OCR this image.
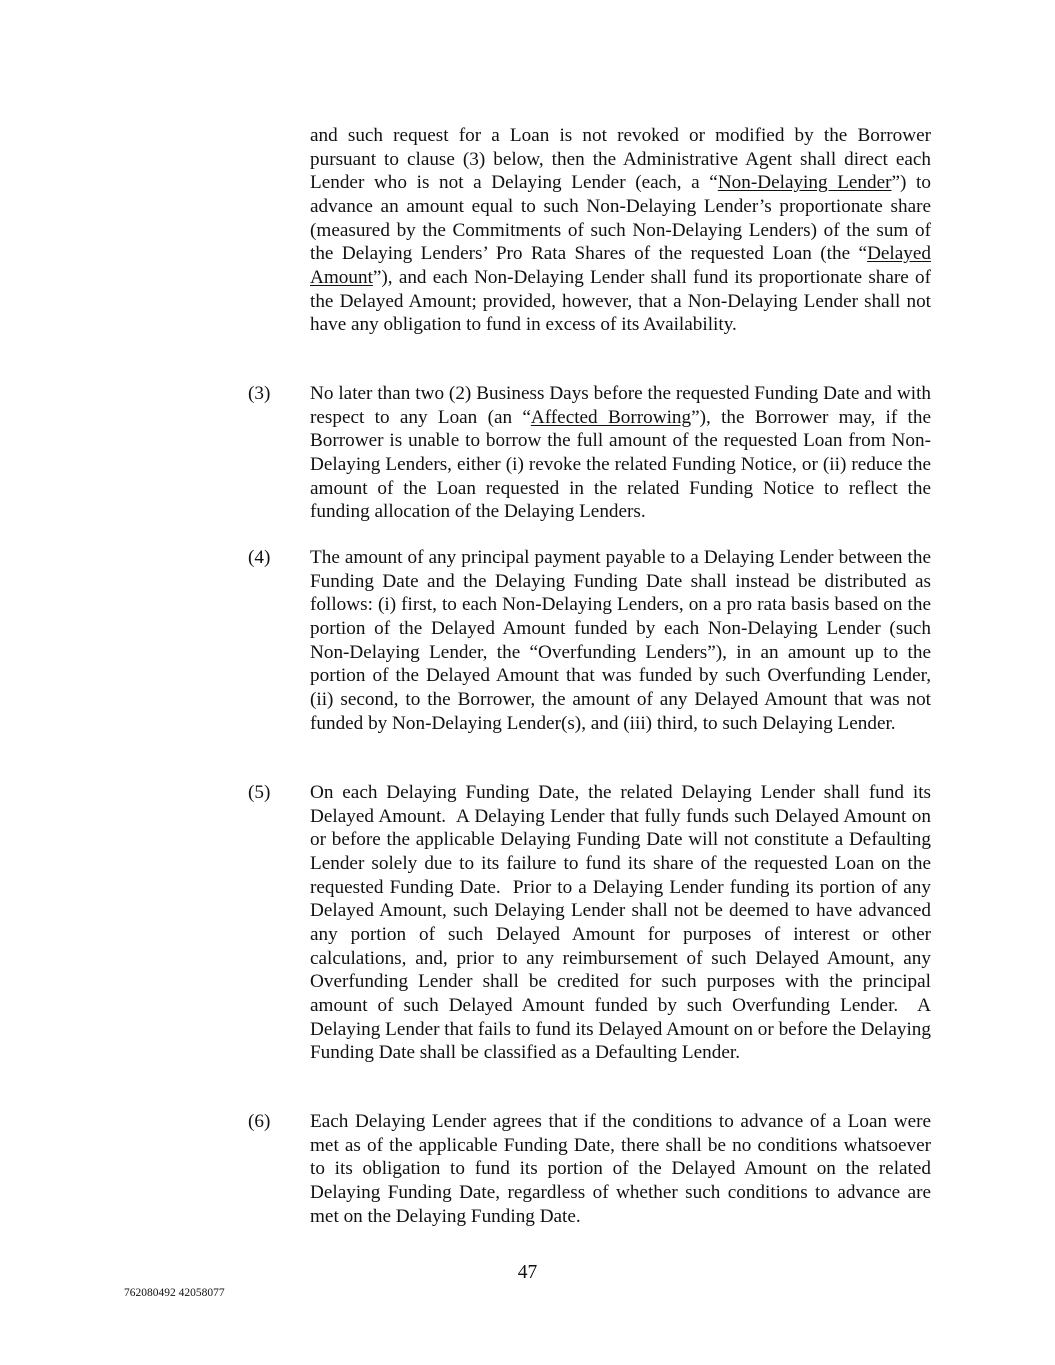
and such request for a Loan is not revoked or modified by the Borrower pursuant to clause (3) below, then the Administrative Agent shall direct each Lender who is not a Delaying Lender (each, a “Non-Delaying Lender”) to advance an amount equal to such Non-Delaying Lender’s proportionate share (measured by the Commitments of such Non-Delaying Lenders) of the sum of the Delaying Lenders’ Pro Rata Shares of the requested Loan (the “Delayed Amount”), and each Non-Delaying Lender shall fund its proportionate share of the Delayed Amount; provided, however, that a Non-Delaying Lender shall not have any obligation to fund in excess of its Availability.

(3) No later than two (2) Business Days before the requested Funding Date and with respect to any Loan (an “Affected Borrowing”), the Borrower may, if the Borrower is unable to borrow the full amount of the requested Loan from Non-Delaying Lenders, either (i) revoke the related Funding Notice, or (ii) reduce the amount of the Loan requested in the related Funding Notice to reflect the funding allocation of the Delaying Lenders.

(4) The amount of any principal payment payable to a Delaying Lender between the Funding Date and the Delaying Funding Date shall instead be distributed as follows: (i) first, to each Non-Delaying Lenders, on a pro rata basis based on the portion of the Delayed Amount funded by each Non-Delaying Lender (such Non-Delaying Lender, the “Overfunding Lenders”), in an amount up to the portion of the Delayed Amount that was funded by such Overfunding Lender, (ii) second, to the Borrower, the amount of any Delayed Amount that was not funded by Non-Delaying Lender(s), and (iii) third, to such Delaying Lender.

(5) On each Delaying Funding Date, the related Delaying Lender shall fund its Delayed Amount.  A Delaying Lender that fully funds such Delayed Amount on or before the applicable Delaying Funding Date will not constitute a Defaulting Lender solely due to its failure to fund its share of the requested Loan on the requested Funding Date.  Prior to a Delaying Lender funding its portion of any Delayed Amount, such Delaying Lender shall not be deemed to have advanced any portion of such Delayed Amount for purposes of interest or other calculations, and, prior to any reimbursement of such Delayed Amount, any Overfunding Lender shall be credited for such purposes with the principal amount of such Delayed Amount funded by such Overfunding Lender.  A Delaying Lender that fails to fund its Delayed Amount on or before the Delaying Funding Date shall be classified as a Defaulting Lender.

(6) Each Delaying Lender agrees that if the conditions to advance of a Loan were met as of the applicable Funding Date, there shall be no conditions whatsoever to its obligation to fund its portion of the Delayed Amount on the related Delaying Funding Date, regardless of whether such conditions to advance are met on the Delaying Funding Date.

47

762080492 42058077
